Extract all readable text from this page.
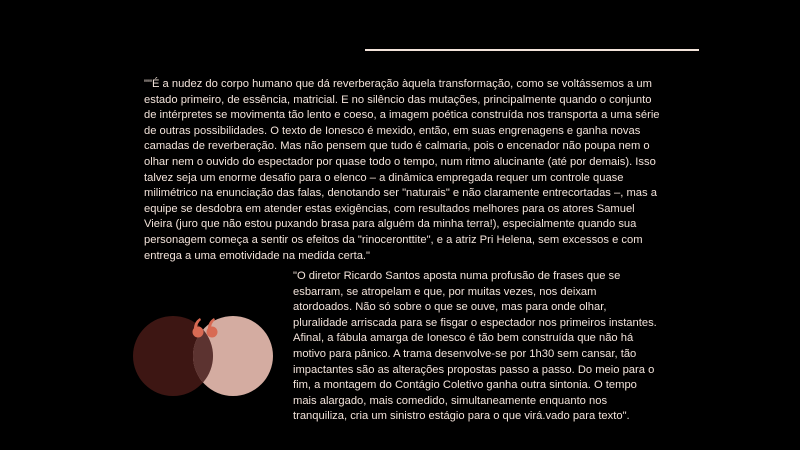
""É a nudez do corpo humano que dá reverberação àquela transformação, como se voltássemos a um
estado primeiro, de essência, matricial. E no silêncio das mutações, principalmente quando o conjunto
de intérpretes se movimenta tão lento e coeso, a imagem poética construída nos transporta a uma série
de outras possibilidades. O texto de Ionesco é mexido, então, em suas engrenagens e ganha novas
camadas de reverberação. Mas não pensem que tudo é calmaria, pois o encenador não poupa nem o
olhar nem o ouvido do espectador por quase todo o tempo, num ritmo alucinante (até por demais). Isso
talvez seja um enorme desafio para o elenco – a dinâmica empregada requer um controle quase
milimétrico na enunciação das falas, denotando ser "naturais" e não claramente entrecortadas –, mas a
equipe se desdobra em atender estas exigências, com resultados melhores para os atores Samuel
Vieira (juro que não estou puxando brasa para alguém da minha terra!), especialmente quando sua
personagem começa a sentir os efeitos da "rinoceronttite", e a atriz Pri Helena, sem excessos e com
entrega a uma emotividade na medida certa."

"O diretor Ricardo Santos aposta numa profusão de frases que se
esbarram, se atropelam e que, por muitas vezes, nos deixam
atordoados. Não só sobre o que se ouve, mas para onde olhar,
pluralidade arriscada para se fisgar o espectador nos primeiros instantes.
Afinal, a fábula amarga de Ionesco é tão bem construída que não há
motivo para pânico. A trama desenvolve-se por 1h30 sem cansar, tão
impactantes são as alterações propostas passo a passo. Do meio para o
fim, a montagem do Contágio Coletivo ganha outra sintonia. O tempo
mais alargado, mais comedido, simultaneamente enquanto nos
tranquiliza, cria um sinistro estágio para o que virá.vado para texto".
